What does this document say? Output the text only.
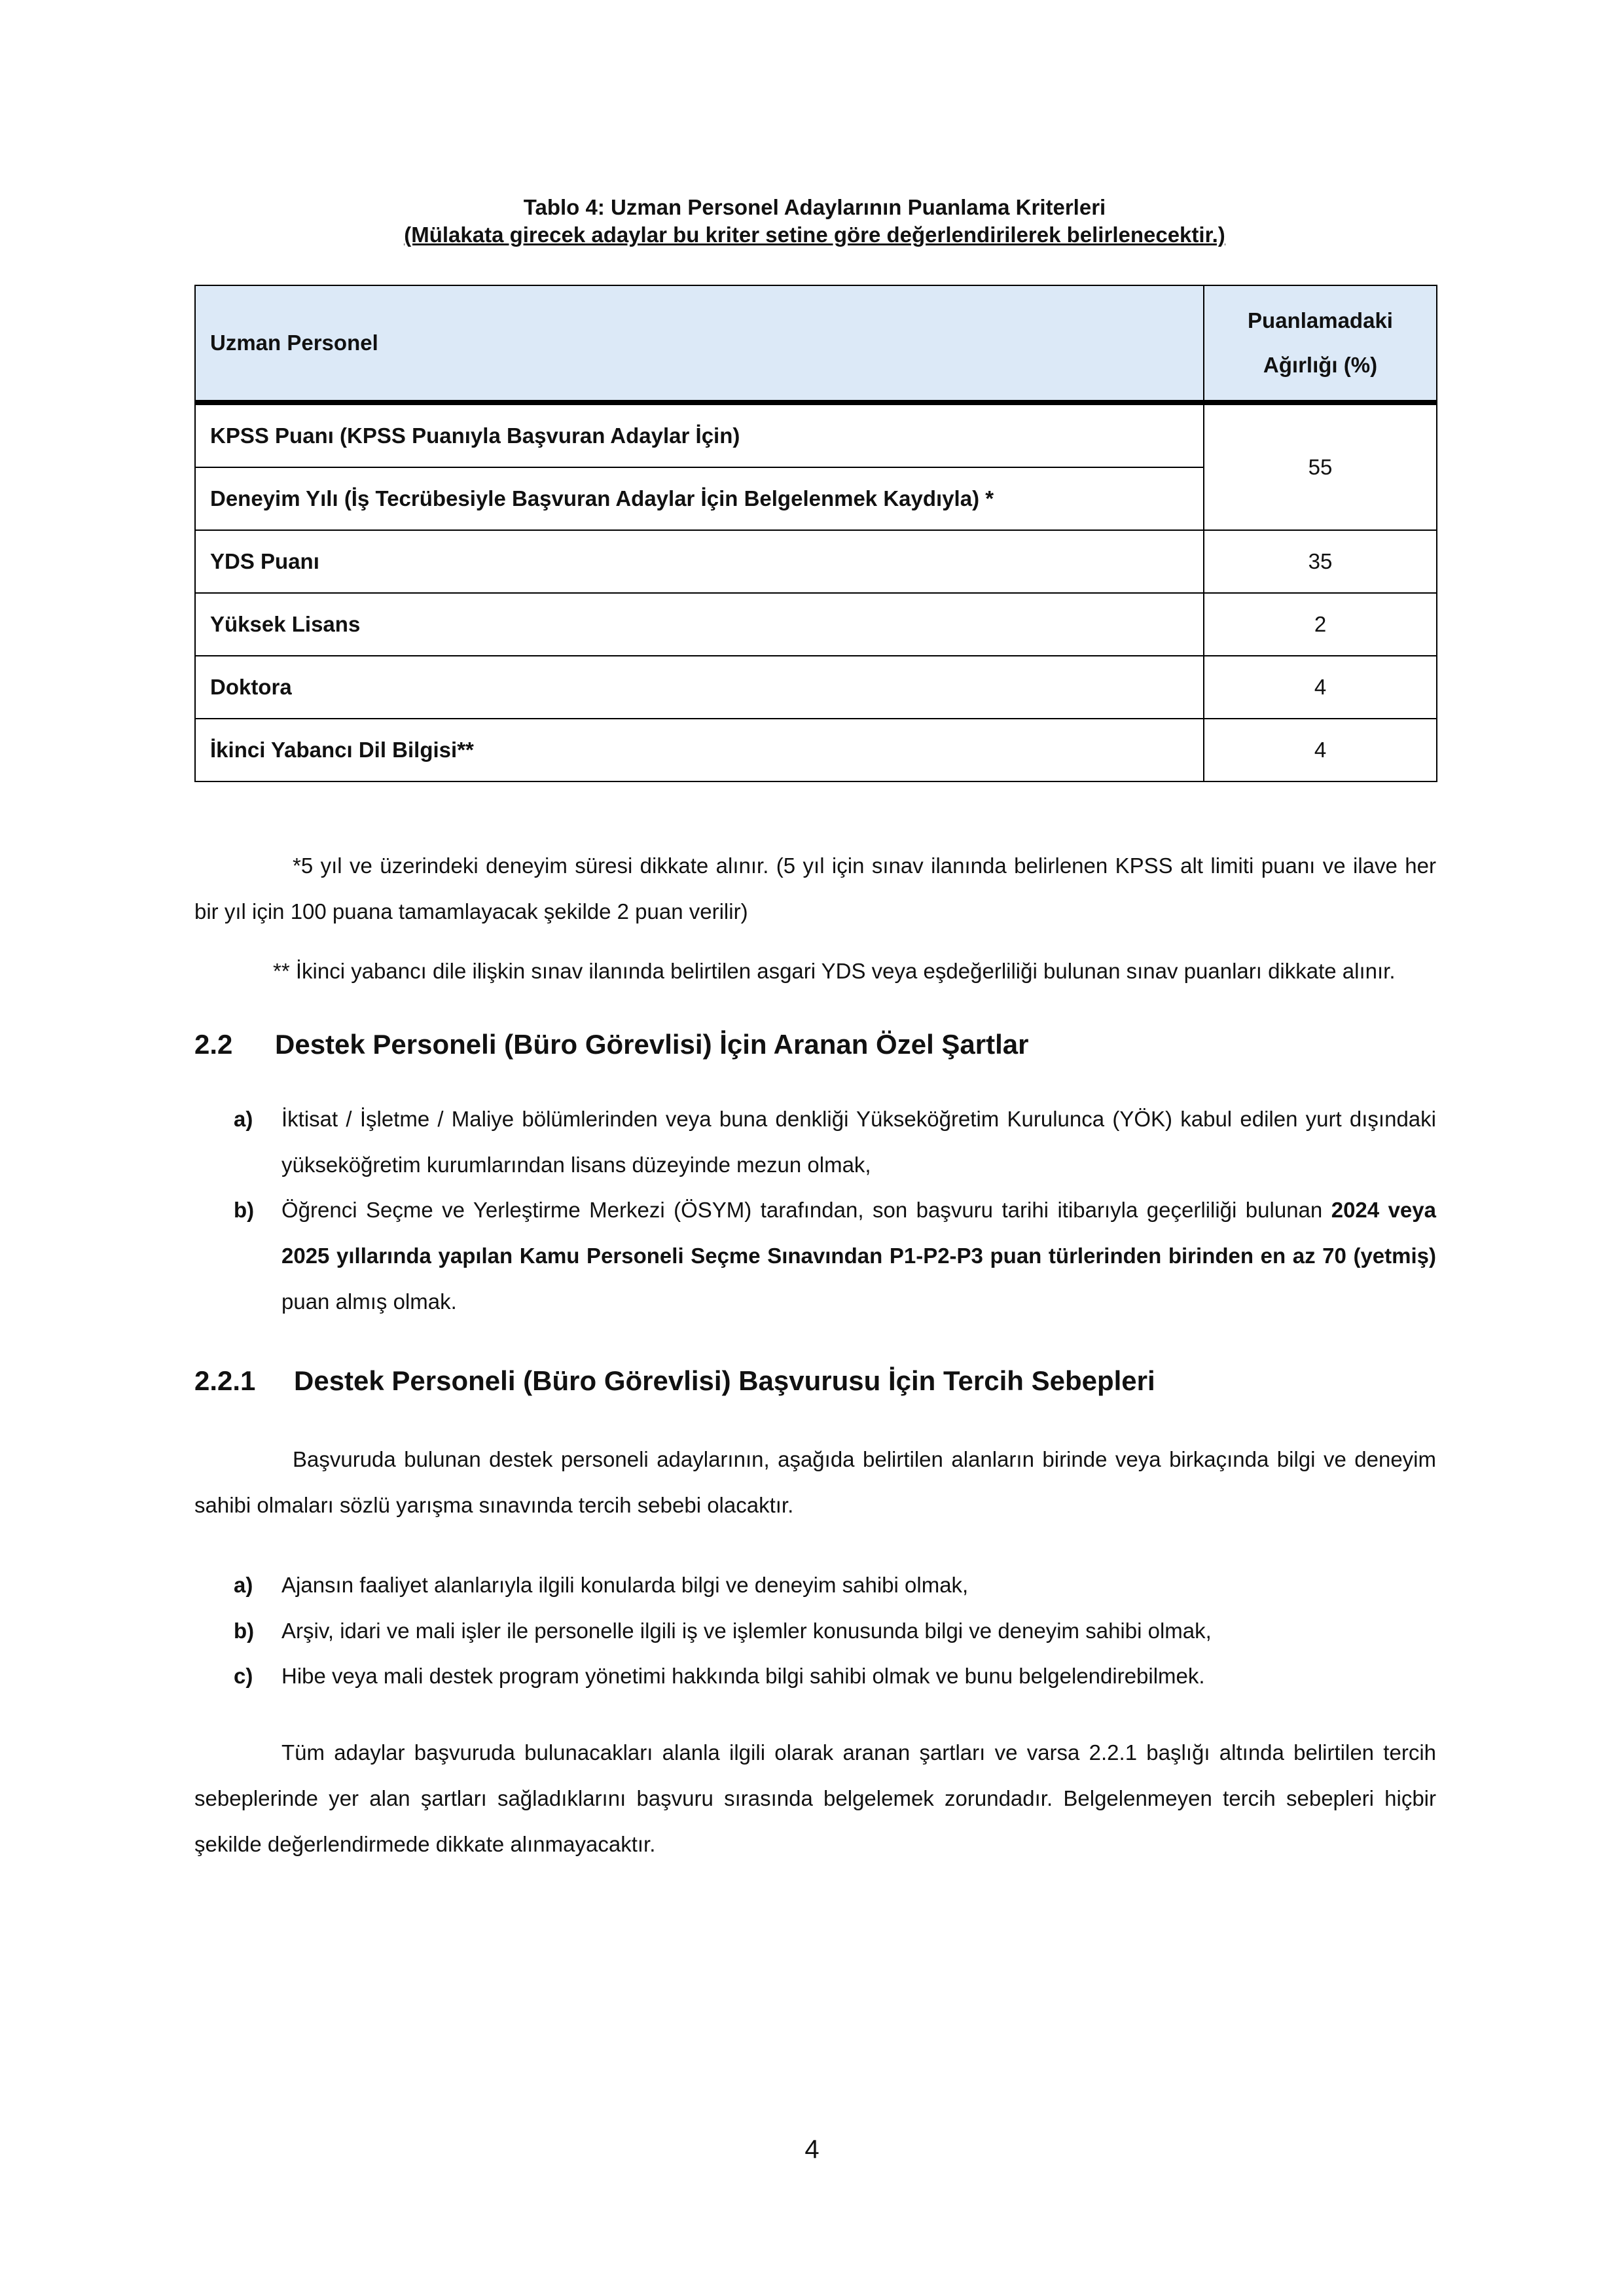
Tablo 4: Uzman Personel Adaylarının Puanlama Kriterleri
(Mülakata girecek adaylar bu kriter setine göre değerlendirilerek belirlenecektir.)
Uzman Personel	Puanlamadaki
Ağırlığı (%)
KPSS Puanı (KPSS Puanıyla Başvuran Adaylar İçin)	55
Deneyim Yılı (İş Tecrübesiyle Başvuran Adaylar İçin Belgelenmek Kaydıyla) *	
YDS Puanı	35
Yüksek Lisans	2
Doktora	4
İkinci Yabancı Dil Bilgisi**	4
*5 yıl ve üzerindeki deneyim süresi dikkate alınır. (5 yıl için sınav ilanında belirlenen KPSS alt limiti puanı ve ilave her bir yıl için 100 puana tamamlayacak şekilde 2 puan verilir)
** İkinci yabancı dile ilişkin sınav ilanında belirtilen asgari YDS veya eşdeğerliliği bulunan sınav puanları dikkate alınır.
2.2 Destek Personeli (Büro Görevlisi) İçin Aranan Özel Şartlar
a) İktisat / İşletme / Maliye bölümlerinden veya buna denkliği Yükseköğretim Kurulunca (YÖK) kabul edilen yurt dışındaki yükseköğretim kurumlarından lisans düzeyinde mezun olmak,
b) Öğrenci Seçme ve Yerleştirme Merkezi (ÖSYM) tarafından, son başvuru tarihi itibarıyla geçerliliği bulunan 2024 veya 2025 yıllarında yapılan Kamu Personeli Seçme Sınavından P1-P2-P3 puan türlerinden birinden en az 70 (yetmiş) puan almış olmak.
2.2.1 Destek Personeli (Büro Görevlisi) Başvurusu İçin Tercih Sebepleri
Başvuruda bulunan destek personeli adaylarının, aşağıda belirtilen alanların birinde veya birkaçında bilgi ve deneyim sahibi olmaları sözlü yarışma sınavında tercih sebebi olacaktır.
a) Ajansın faaliyet alanlarıyla ilgili konularda bilgi ve deneyim sahibi olmak,
b) Arşiv, idari ve mali işler ile personelle ilgili iş ve işlemler konusunda bilgi ve deneyim sahibi olmak,
c) Hibe veya mali destek program yönetimi hakkında bilgi sahibi olmak ve bunu belgelendirebilmek.
Tüm adaylar başvuruda bulunacakları alanla ilgili olarak aranan şartları ve varsa 2.2.1 başlığı altında belirtilen tercih sebeplerinde yer alan şartları sağladıklarını başvuru sırasında belgelemek zorundadır. Belgelenmeyen tercih sebepleri hiçbir şekilde değerlendirmede dikkate alınmayacaktır.
4
